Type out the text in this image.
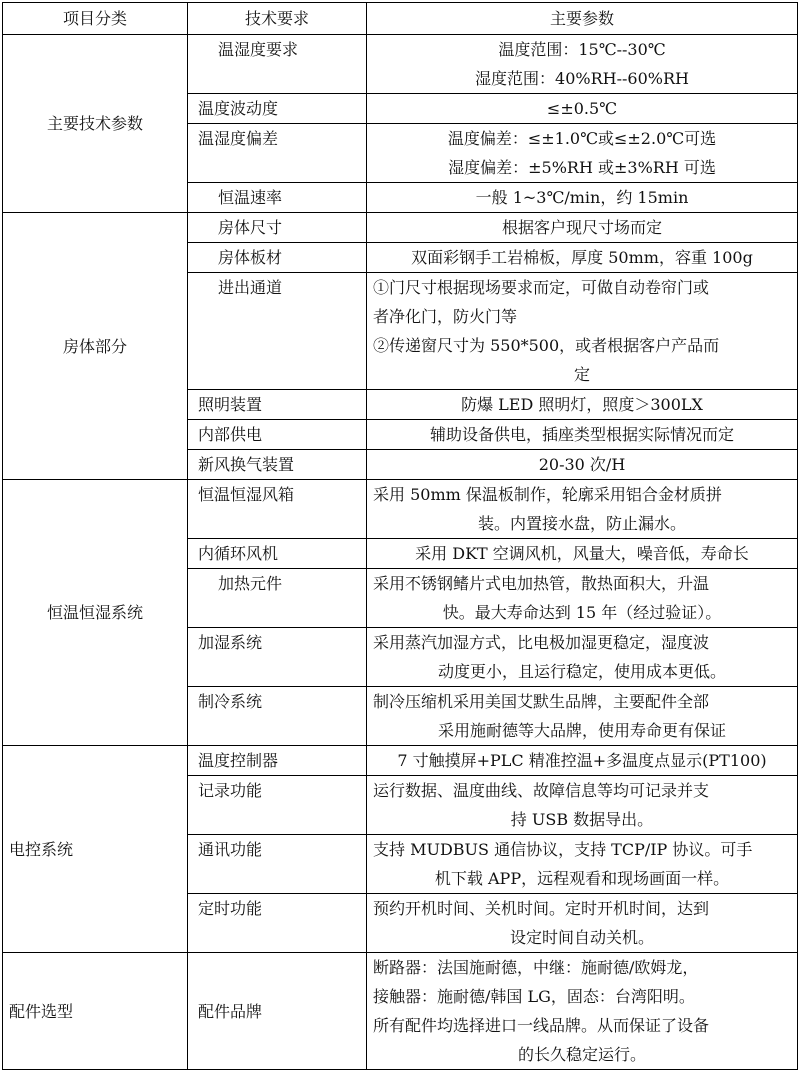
项目分类	技术要求	主要参数
主要技术参数	温湿度要求	温度范围：15℃--30℃
湿度范围：40%RH--60%RH

	温度波动度	≤±0.5℃
	温湿度偏差	温度偏差：≤±1.0℃或≤±2.0℃可选
湿度偏差：±5%RH 或±3%RH 可选

	恒温速率	一般 1~3℃/min，约 15min
房体部分	房体尺寸	根据客户现尺寸场而定
	房体板材	双面彩钢手工岩棉板，厚度 50mm，容重 100g
	进出通道	①门尺寸根据现场要求而定，可做自动卷帘门或
者净化门，防火门等
②传递窗尺寸为 550*500，或者根据客户产品而
定

	照明装置	防爆 LED 照明灯，照度＞300LX
	内部供电	辅助设备供电，插座类型根据实际情况而定
	新风换气装置	20-30 次/H
恒温恒湿系统	恒温恒湿风箱	采用 50mm 保温板制作，轮廓采用铝合金材质拼
装。内置接水盘，防止漏水。

	内循环风机	采用 DKT 空调风机，风量大，噪音低，寿命长
	加热元件	采用不锈钢鳍片式电加热管，散热面积大，升温
快。最大寿命达到 15 年（经过验证）。

	加湿系统	采用蒸汽加湿方式，比电极加湿更稳定，湿度波
动度更小，且运行稳定，使用成本更低。

	制冷系统	制冷压缩机采用美国艾默生品牌，主要配件全部
采用施耐德等大品牌，使用寿命更有保证

电控系统	温度控制器	7 寸触摸屏+PLC 精准控温+多温度点显示(PT100)
	记录功能	运行数据、温度曲线、故障信息等均可记录并支
持 USB 数据导出。

	通讯功能	支持 MUDBUS 通信协议，支持 TCP/IP 协议。可手
机下载 APP，远程观看和现场画面一样。

	定时功能	预约开机时间、关机时间。定时开机时间，达到
设定时间自动关机。

配件选型	配件品牌	断路器：法国施耐德，中继：施耐德/欧姆龙，
接触器：施耐德/韩国 LG，固态：台湾阳明。
所有配件均选择进口一线品牌。从而保证了设备
的长久稳定运行。
